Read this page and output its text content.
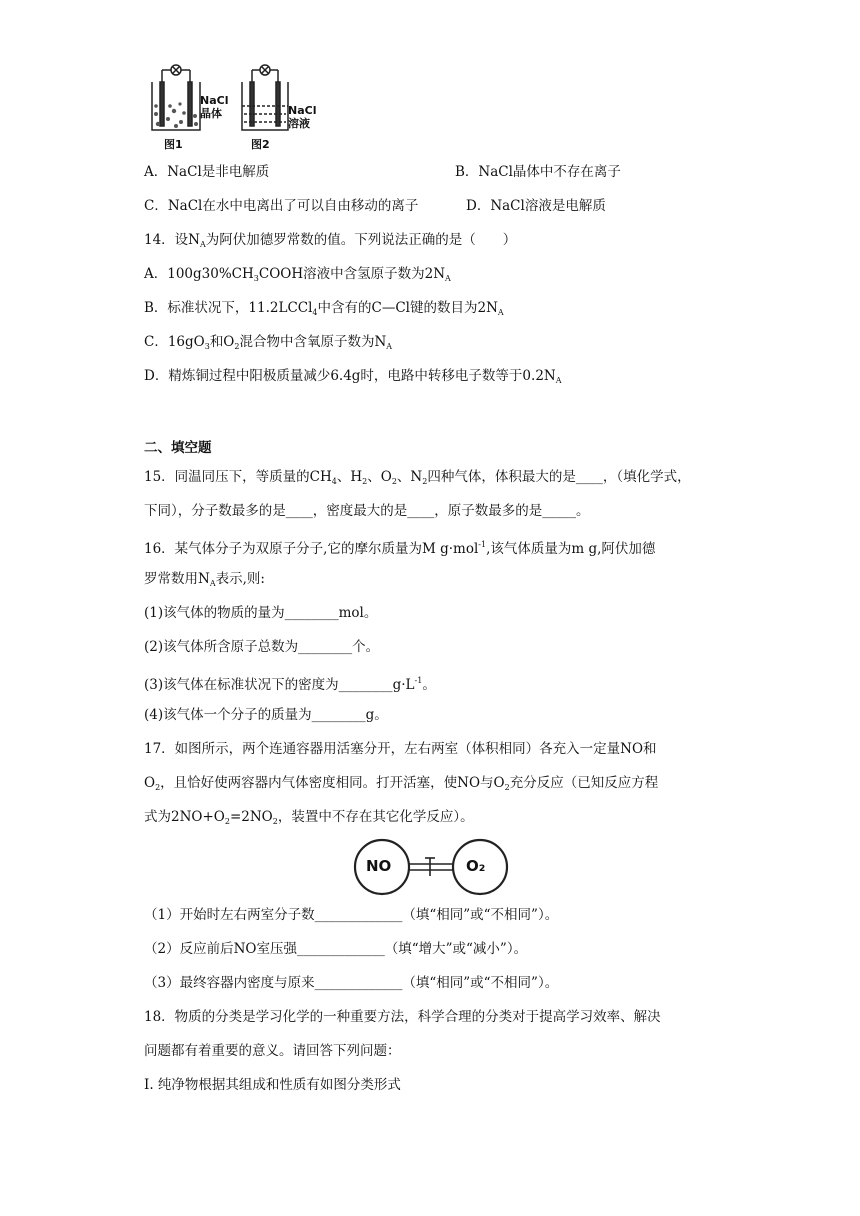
NaCl
晶体	NaCl
溶液
图1	图2
A．NaCl是非电解质	B．NaCl晶体中不存在离子
C．NaCl在水中电离出了可以自由移动的离子	D．NaCl溶液是电解质
14．设$N_A$为阿伏加德罗常数的值。下列说法正确的是（　　）
A．$100g30\%CH_3COOH$溶液中含氢原子数为$2N_A$
B．标准状况下，11.2LCCl$_4$中含有的C—Cl键的数目为$2N_A$
C．$16gO_3$和$O_2$混合物中含氧原子数为$N_A$
D．精炼铜过程中阳极质量减少6.4g时，电路中转移电子数等于$0.2N_A$
二、填空题
15．同温同压下，等质量的$CH_4$、$H_2$、$O_2$、$N_2$四种气体，体积最大的是____，（填化学式，
下同），分子数最多的是____，密度最大的是____，原子数最多的是_____。
16．某气体分子为双原子分子,它的摩尔质量为M g·mol$^{-1}$,该气体质量为m g,阿伏加德
罗常数用$N_A$表示,则:
(1)该气体的物质的量为________mol。
(2)该气体所含原子总数为________个。
(3)该气体在标准状况下的密度为$\_\_\_\_\_\_\_\_g\cdot L^{-1}$。
(4)该气体一个分子的质量为________g。
17．如图所示，两个连通容器用活塞分开，左右两室（体积相同）各充入一定量NO和
$O_2$，且恰好使两容器内气体密度相同。打开活塞，使NO与$O_2$充分反应（已知反应方程
式为$2NO+O_2=2NO_2$，装置中不存在其它化学反应）。
NO	O₂
（1）开始时左右两室分子数_____________（填“相同”或“不相同”）。
（2）反应前后NO室压强_____________（填“增大”或“减小”）。
（3）最终容器内密度与原来_____________（填“相同”或“不相同”）。
18．物质的分类是学习化学的一种重要方法，科学合理的分类对于提高学习效率、解决
问题都有着重要的意义。请回答下列问题：
I. 纯净物根据其组成和性质有如图分类形式
